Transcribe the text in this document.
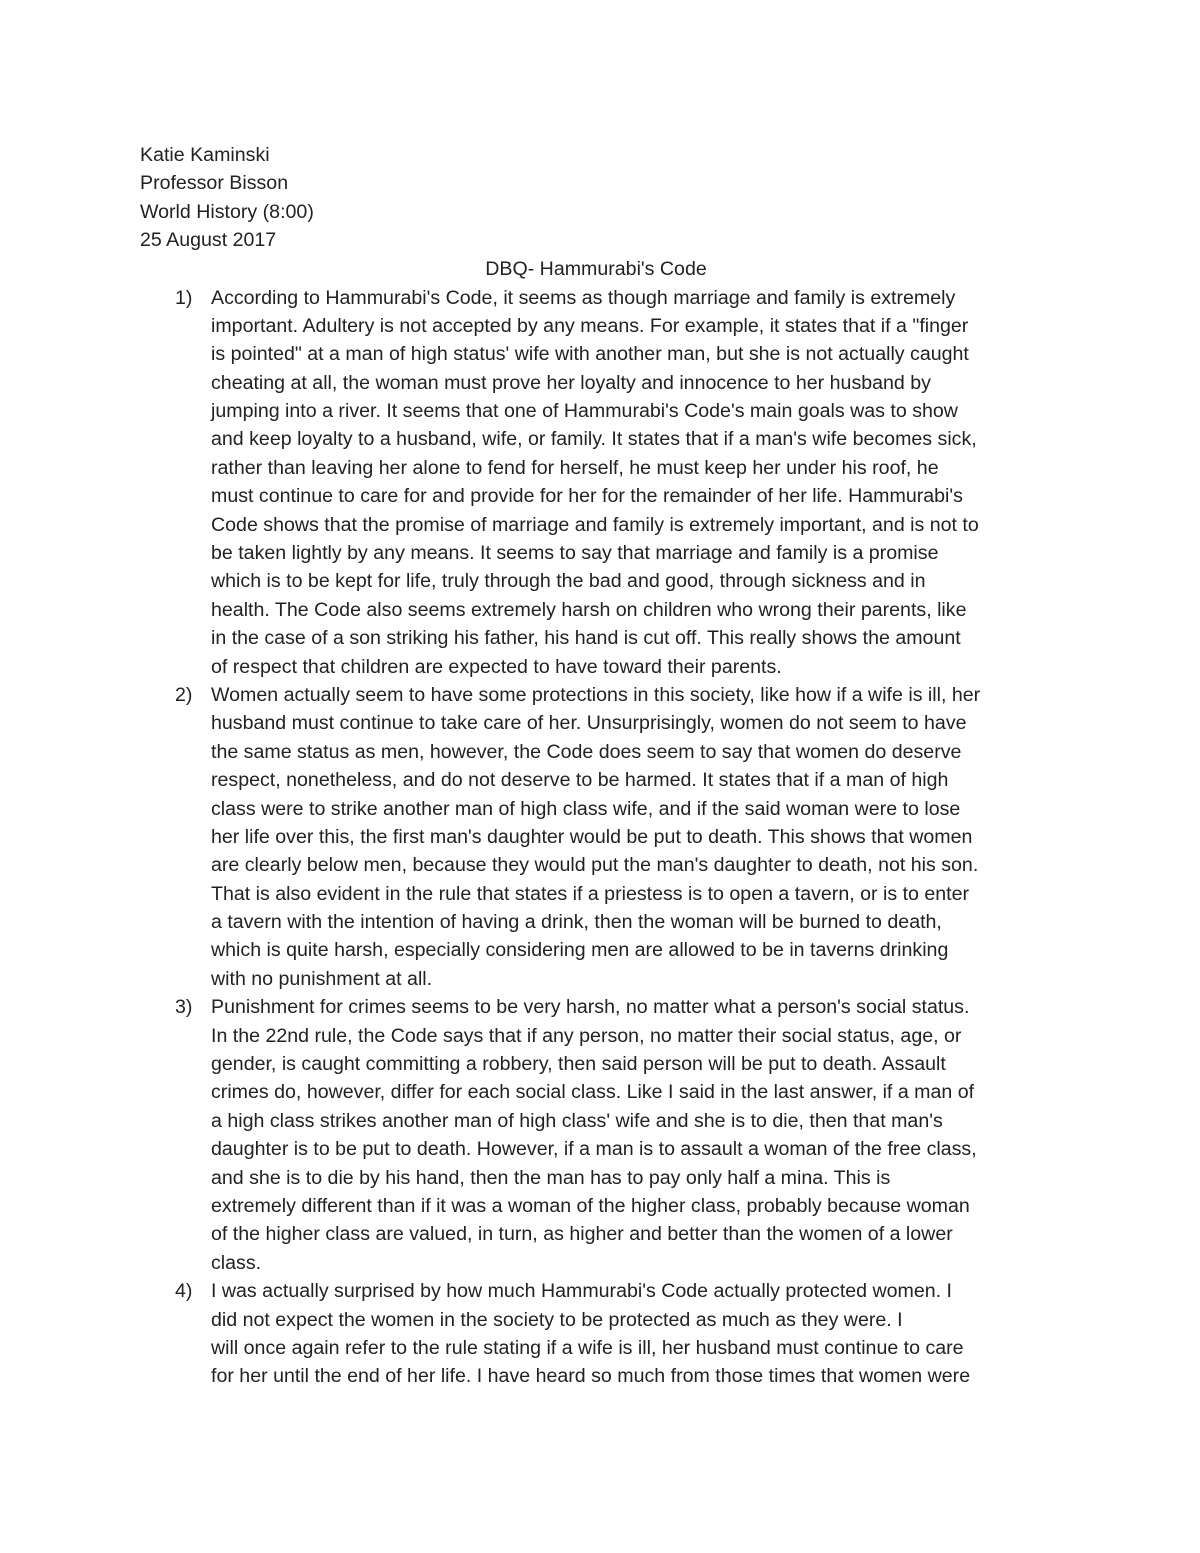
Katie Kaminski
Professor Bisson
World History (8:00)
25 August 2017
DBQ- Hammurabi's Code
1) According to Hammurabi's Code, it seems as though marriage and family is extremely
important. Adultery is not accepted by any means. For example, it states that if a "finger
is pointed" at a man of high status' wife with another man, but she is not actually caught
cheating at all, the woman must prove her loyalty and innocence to her husband by
jumping into a river. It seems that one of Hammurabi's Code's main goals was to show
and keep loyalty to a husband, wife, or family. It states that if a man's wife becomes sick,
rather than leaving her alone to fend for herself, he must keep her under his roof, he
must continue to care for and provide for her for the remainder of her life. Hammurabi's
Code shows that the promise of marriage and family is extremely important, and is not to
be taken lightly by any means. It seems to say that marriage and family is a promise
which is to be kept for life, truly through the bad and good, through sickness and in
health. The Code also seems extremely harsh on children who wrong their parents, like
in the case of a son striking his father, his hand is cut off. This really shows the amount
of respect that children are expected to have toward their parents.
2) Women actually seem to have some protections in this society, like how if a wife is ill, her
husband must continue to take care of her. Unsurprisingly, women do not seem to have
the same status as men, however, the Code does seem to say that women do deserve
respect, nonetheless, and do not deserve to be harmed. It states that if a man of high
class were to strike another man of high class wife, and if the said woman were to lose
her life over this, the first man's daughter would be put to death. This shows that women
are clearly below men, because they would put the man's daughter to death, not his son.
That is also evident in the rule that states if a priestess is to open a tavern, or is to enter
a tavern with the intention of having a drink, then the woman will be burned to death,
which is quite harsh, especially considering men are allowed to be in taverns drinking
with no punishment at all.
3) Punishment for crimes seems to be very harsh, no matter what a person's social status.
In the 22nd rule, the Code says that if any person, no matter their social status, age, or
gender, is caught committing a robbery, then said person will be put to death. Assault
crimes do, however, differ for each social class. Like I said in the last answer, if a man of
a high class strikes another man of high class' wife and she is to die, then that man's
daughter is to be put to death. However, if a man is to assault a woman of the free class,
and she is to die by his hand, then the man has to pay only half a mina. This is
extremely different than if it was a woman of the higher class, probably because woman
of the higher class are valued, in turn, as higher and better than the women of a lower
class.
4) I was actually surprised by how much Hammurabi's Code actually protected women. I
did not expect the women in the society to be protected as much as they were. I
will once again refer to the rule stating if a wife is ill, her husband must continue to care
for her until the end of her life. I have heard so much from those times that women were
